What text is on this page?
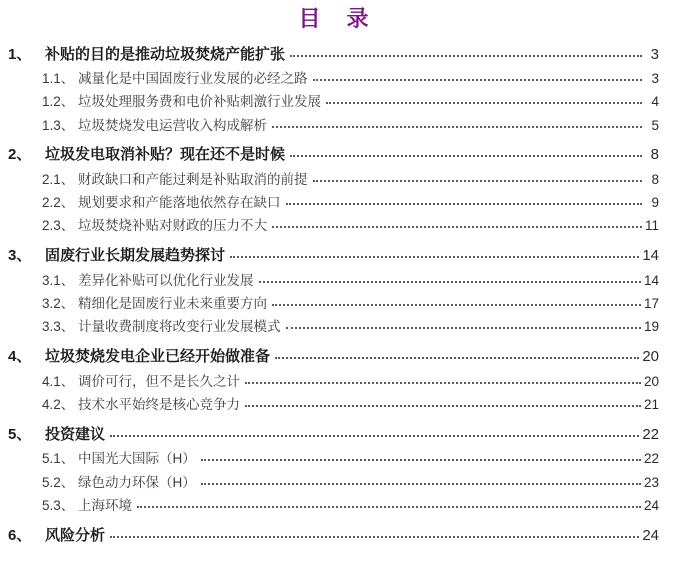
目 录
1、 补贴的目的是推动垃圾焚烧产能扩张	3
1.1、 减量化是中国固废行业发展的必经之路	3
1.2、 垃圾处理服务费和电价补贴刺激行业发展	4
1.3、 垃圾焚烧发电运营收入构成解析	5
2、 垃圾发电取消补贴？现在还不是时候	8
2.1、 财政缺口和产能过剩是补贴取消的前提	8
2.2、 规划要求和产能落地依然存在缺口	9
2.3、 垃圾焚烧补贴对财政的压力不大	11
3、 固废行业长期发展趋势探讨	14
3.1、 差异化补贴可以优化行业发展	14
3.2、 精细化是固废行业未来重要方向	17
3.3、 计量收费制度将改变行业发展模式	19
4、 垃圾焚烧发电企业已经开始做准备	20
4.1、 调价可行，但不是长久之计	20
4.2、 技术水平始终是核心竞争力	21
5、 投资建议	22
5.1、 中国光大国际（H）	22
5.2、 绿色动力环保（H）	23
5.3、 上海环境	24
6、 风险分析	24
